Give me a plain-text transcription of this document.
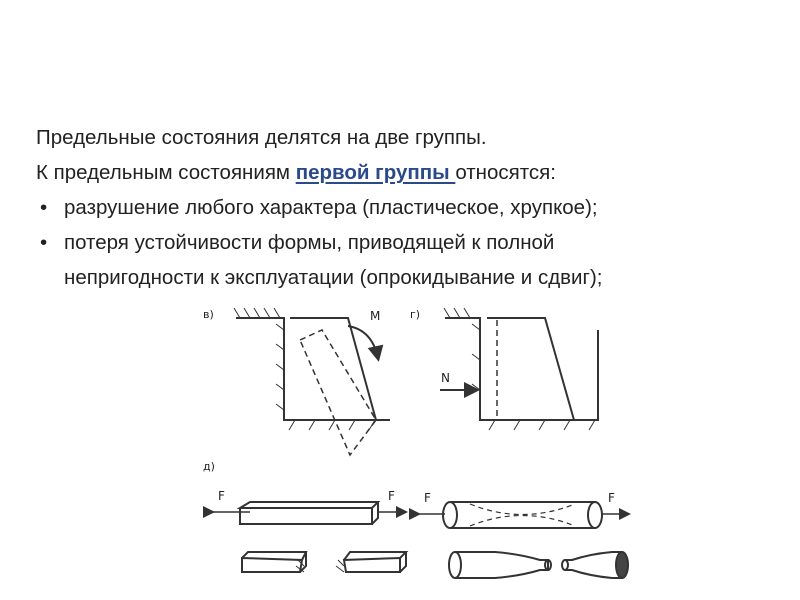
Предельные состояния делятся на две группы.
К предельным состояниям первой группы относятся:
• разрушение любого характера (пластическое, хрупкое);
• потеря устойчивости формы, приводящей к полной
непригодности к эксплуатации (опрокидывание и сдвиг);
в)	M	г)
N
д)
F	F F	F
